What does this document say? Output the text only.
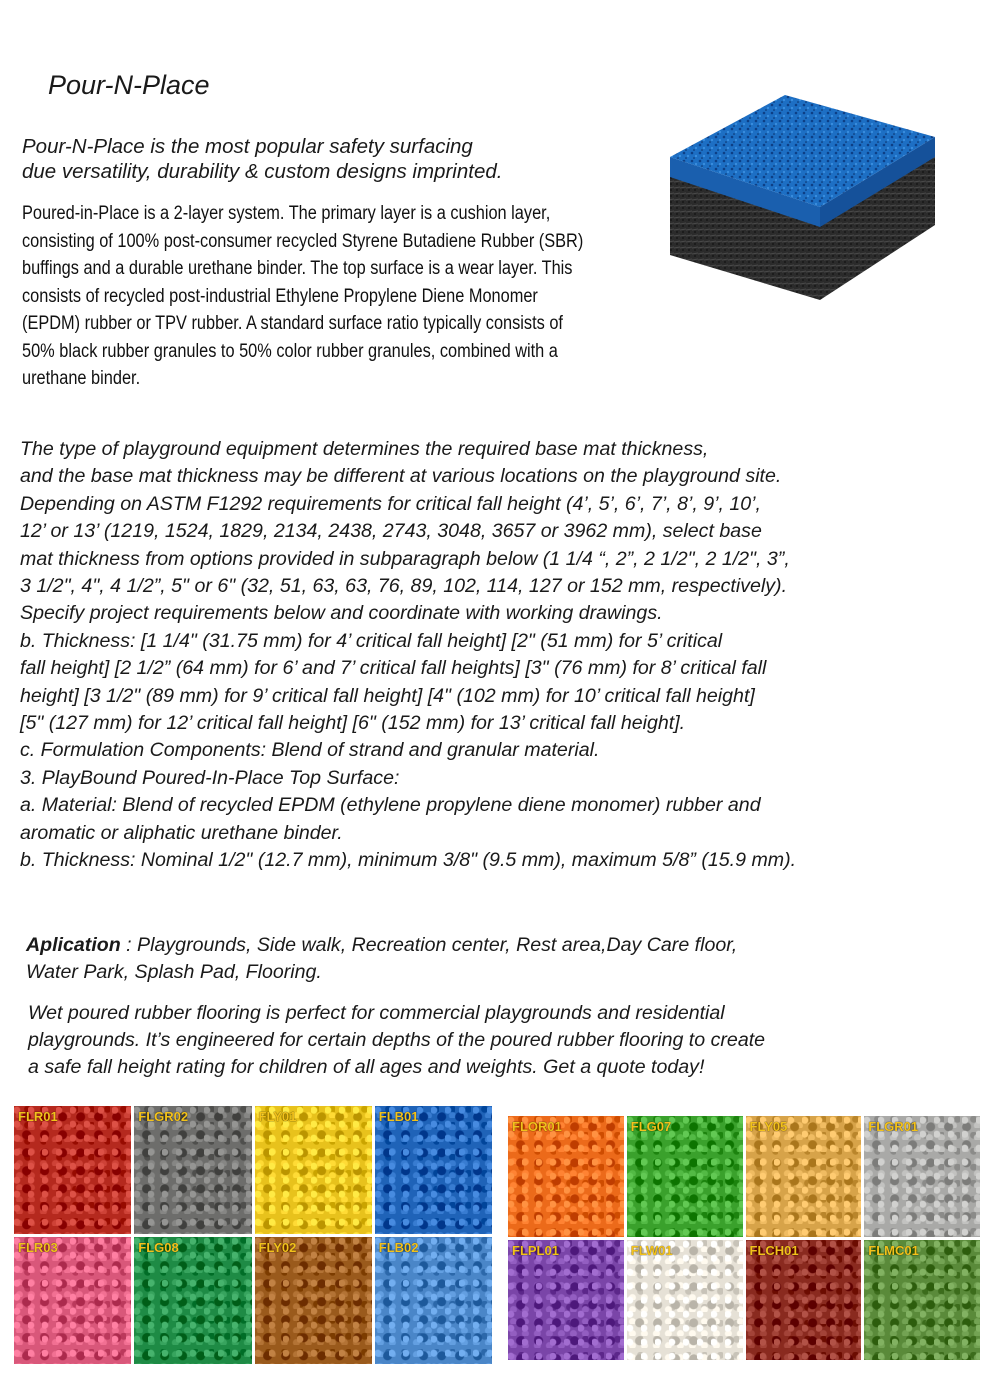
Pour-N-Place
Pour-N-Place is the most popular safety surfacing
due versatility, durability & custom designs imprinted.
Poured-in-Place is a 2-layer system. The primary layer is a cushion layer,
consisting of 100% post-consumer recycled Styrene Butadiene Rubber (SBR)
buffings and a durable urethane binder. The top surface is a wear layer. This
consists of recycled post-industrial Ethylene Propylene Diene Monomer
(EPDM) rubber or TPV rubber. A standard surface ratio typically consists of
50% black rubber granules to 50% color rubber granules, combined with a
urethane binder.
The type of playground equipment determines the required base mat thickness,
and the base mat thickness may be different at various locations on the playground site.
Depending on ASTM F1292 requirements for critical fall height (4’, 5’, 6’, 7’, 8’, 9’, 10’,
12’ or 13’ (1219, 1524, 1829, 2134, 2438, 2743, 3048, 3657 or 3962 mm), select base
mat thickness from options provided in subparagraph below (1 1/4 “, 2”, 2 1/2", 2 1/2", 3”,
3 1/2", 4", 4 1/2”, 5" or 6" (32, 51, 63, 63, 76, 89, 102, 114, 127 or 152 mm, respectively).
Specify project requirements below and coordinate with working drawings.
b. Thickness: [1 1/4" (31.75 mm) for 4’ critical fall height] [2" (51 mm) for 5’ critical
fall height] [2 1/2” (64 mm) for 6’ and 7’ critical fall heights] [3" (76 mm) for 8’ critical fall
height] [3 1/2" (89 mm) for 9’ critical fall height] [4" (102 mm) for 10’ critical fall height]
[5" (127 mm) for 12’ critical fall height] [6" (152 mm) for 13’ critical fall height].
c. Formulation Components: Blend of strand and granular material.
3. PlayBound Poured-In-Place Top Surface:
a. Material: Blend of recycled EPDM (ethylene propylene diene monomer) rubber and
aromatic or aliphatic urethane binder.
b. Thickness: Nominal 1/2" (12.7 mm), minimum 3/8" (9.5 mm), maximum 5/8” (15.9 mm).
Aplication : Playgrounds, Side walk, Recreation center, Rest area,Day Care floor,
Water Park, Splash Pad, Flooring.
Wet poured rubber flooring is perfect for commercial playgrounds and residential
playgrounds. It’s engineered for certain depths of the poured rubber flooring to create
a safe fall height rating for children of all ages and weights. Get a quote today!
FLR01	FLGR02	FLY01	FLB01
FLR03	FLG08	FLY02	FLB02
FLOR01	FLG07	FLY05	FLGR01
FLPL01	FLW01	FLCH01	FLMC01
